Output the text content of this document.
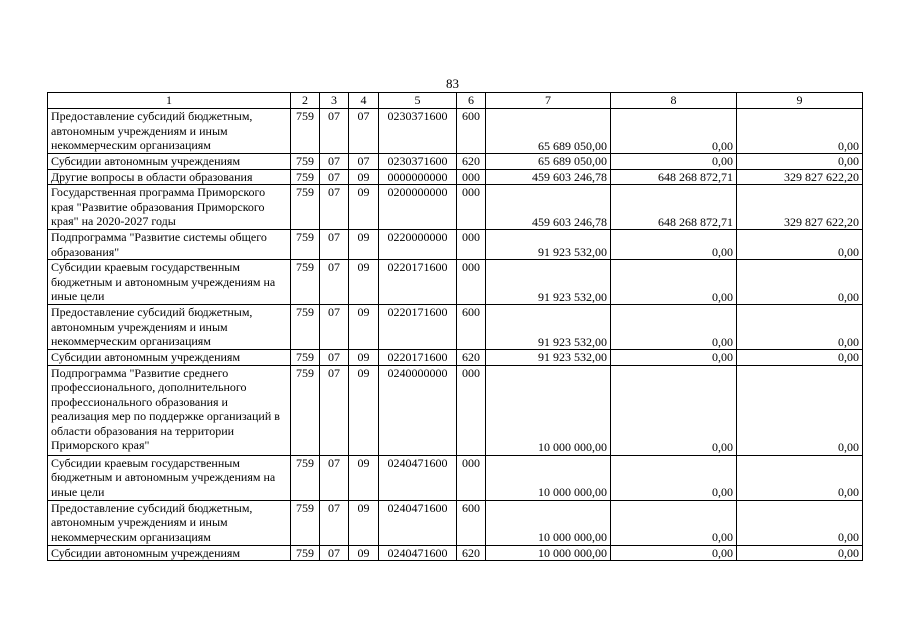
83
1	2	3	4	5	6	7	8	9
Предоставление субсидий бюджетным, автономным учреждениям и иным некоммерческим организациям	759	07	07	0230371600	600	65 689 050,00	0,00	0,00
Субсидии автономным учреждениям	759	07	07	0230371600	620	65 689 050,00	0,00	0,00
Другие вопросы в области образования	759	07	09	0000000000	000	459 603 246,78	648 268 872,71	329 827 622,20
Государственная программа Приморского края "Развитие образования Приморского края" на 2020-2027 годы	759	07	09	0200000000	000	459 603 246,78	648 268 872,71	329 827 622,20
Подпрограмма "Развитие системы общего образования"	759	07	09	0220000000	000	91 923 532,00	0,00	0,00
Субсидии краевым государственным бюджетным и автономным учреждениям на иные цели	759	07	09	0220171600	000	91 923 532,00	0,00	0,00
Предоставление субсидий бюджетным, автономным учреждениям и иным некоммерческим организациям	759	07	09	0220171600	600	91 923 532,00	0,00	0,00
Субсидии автономным учреждениям	759	07	09	0220171600	620	91 923 532,00	0,00	0,00
Подпрограмма "Развитие среднего профессионального, дополнительного профессионального образования и реализация мер по поддержке организаций в области образования на территории Приморского края"	759	07	09	0240000000	000	10 000 000,00	0,00	0,00
Субсидии краевым государственным бюджетным и автономным учреждениям на иные цели	759	07	09	0240471600	000	10 000 000,00	0,00	0,00
Предоставление субсидий бюджетным, автономным учреждениям и иным некоммерческим организациям	759	07	09	0240471600	600	10 000 000,00	0,00	0,00
Субсидии автономным учреждениям	759	07	09	0240471600	620	10 000 000,00	0,00	0,00
